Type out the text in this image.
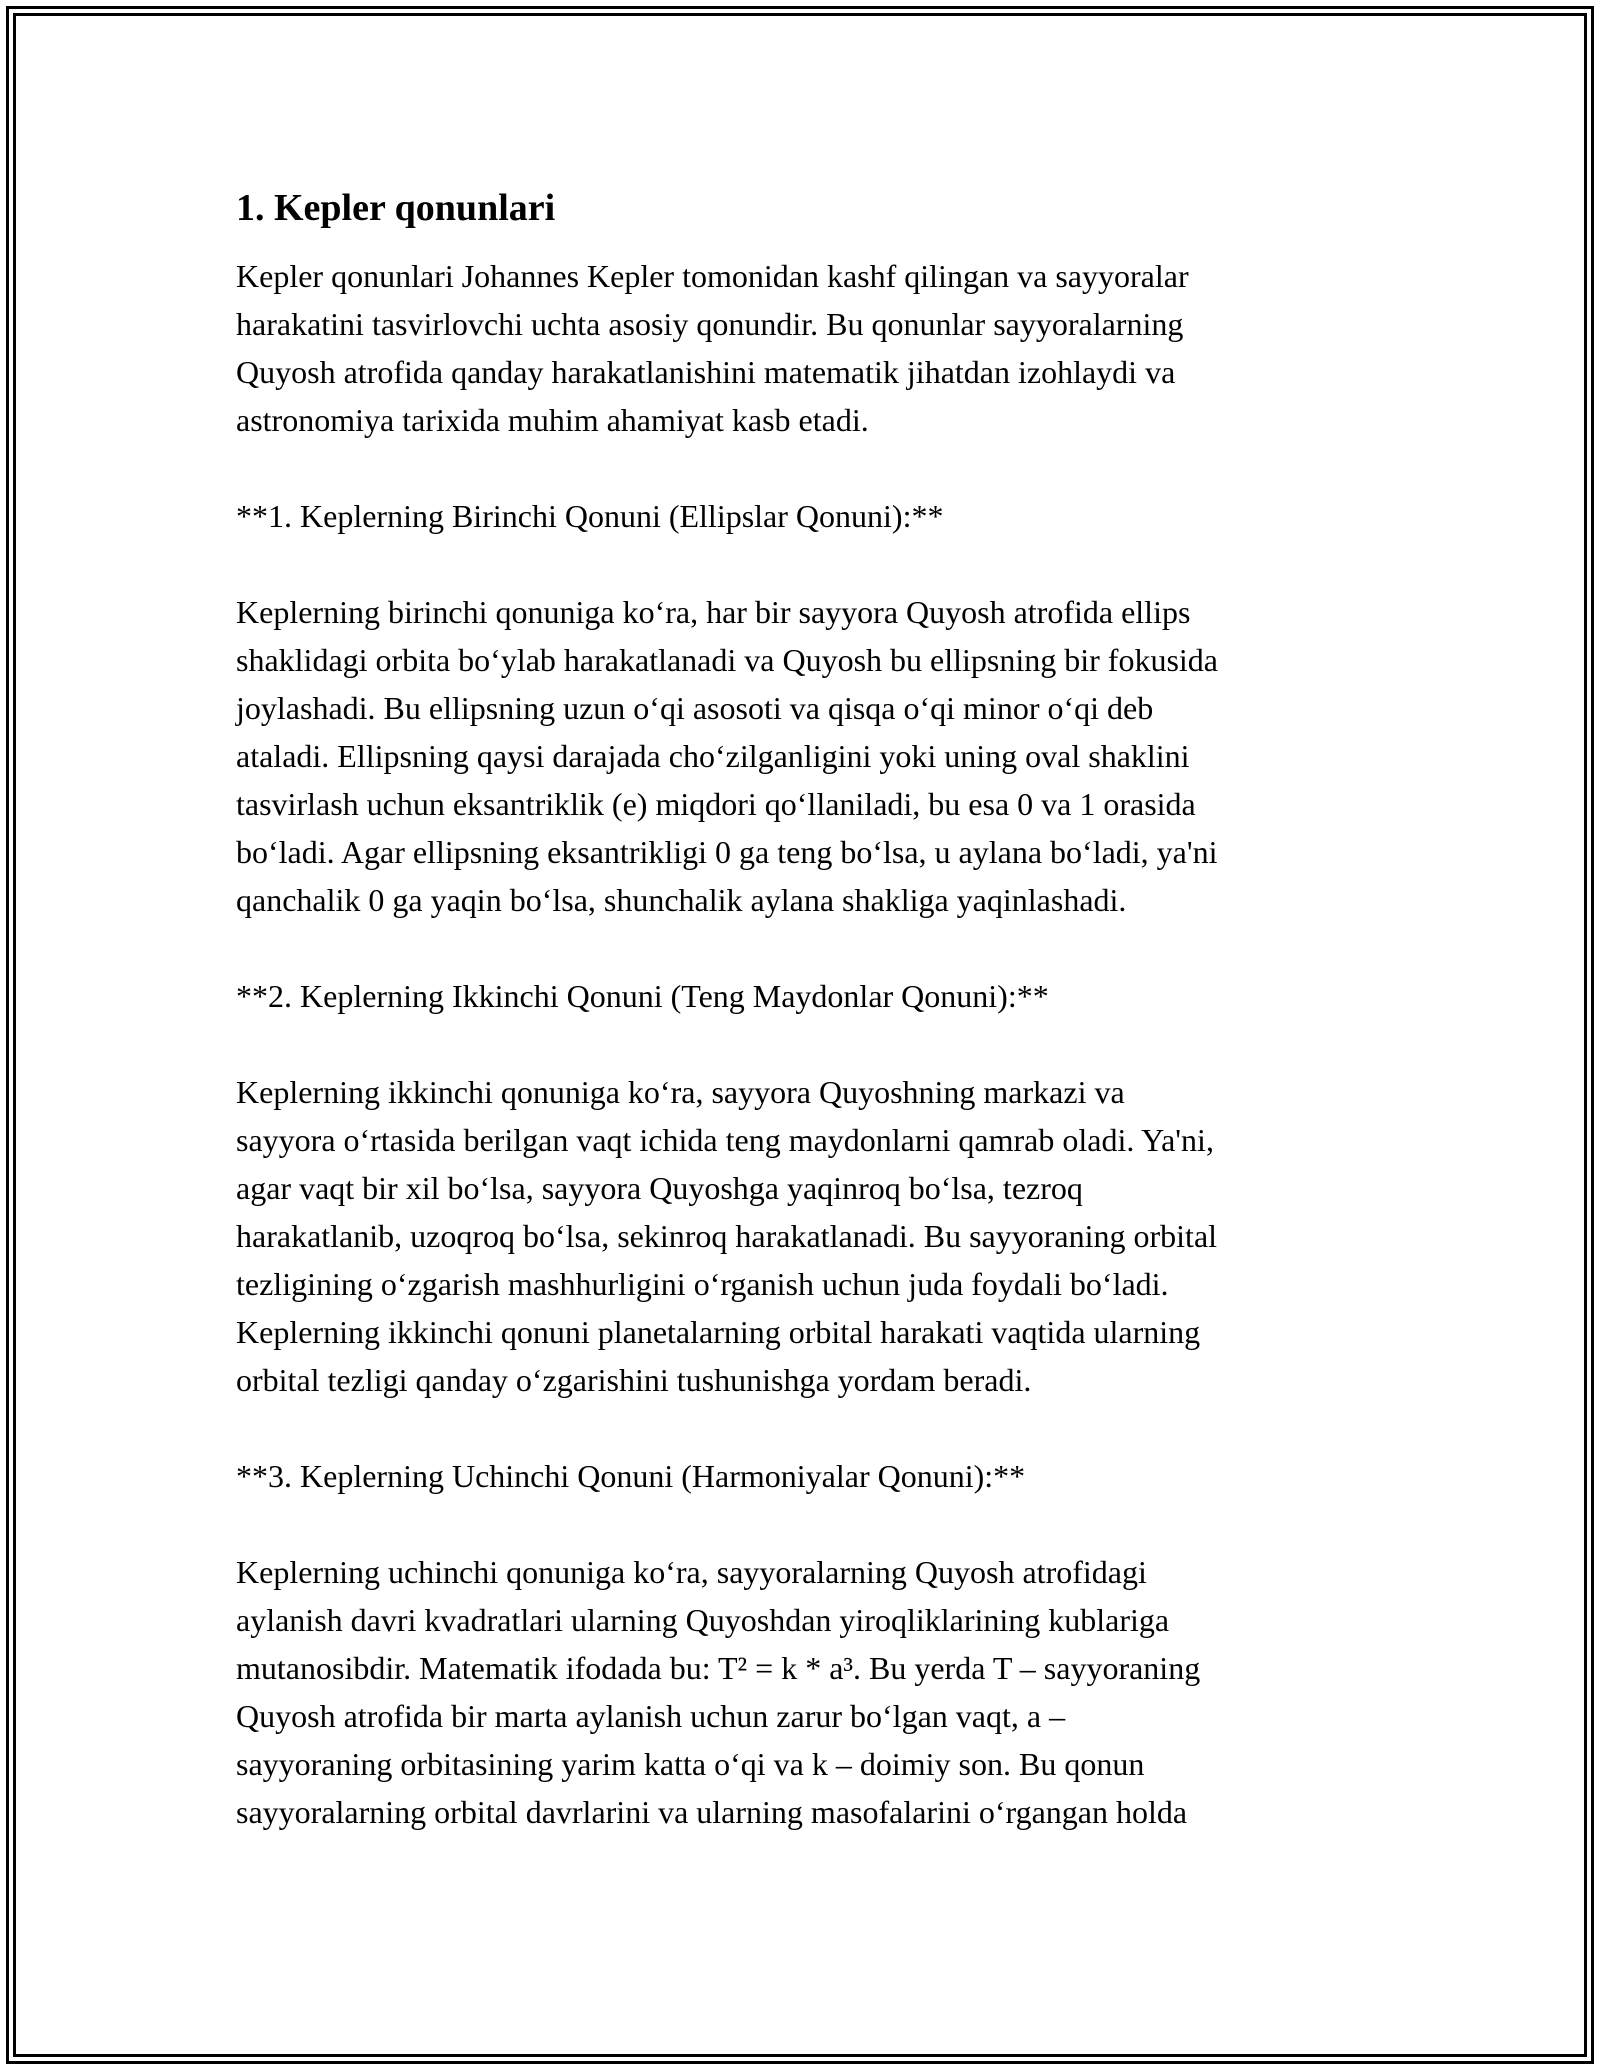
1. Kepler qonunlari
Kepler qonunlari Johannes Kepler tomonidan kashf qilingan va sayyoralar
harakatini tasvirlovchi uchta asosiy qonundir. Bu qonunlar sayyoralarning
Quyosh atrofida qanday harakatlanishini matematik jihatdan izohlaydi va
astronomiya tarixida muhim ahamiyat kasb etadi.
**1. Keplerning Birinchi Qonuni (Ellipslar Qonuni):**
Keplerning birinchi qonuniga ko‘ra, har bir sayyora Quyosh atrofida ellips
shaklidagi orbita bo‘ylab harakatlanadi va Quyosh bu ellipsning bir fokusida
joylashadi. Bu ellipsning uzun o‘qi asosoti va qisqa o‘qi minor o‘qi deb
ataladi. Ellipsning qaysi darajada cho‘zilganligini yoki uning oval shaklini
tasvirlash uchun eksantriklik (e) miqdori qo‘llaniladi, bu esa 0 va 1 orasida
bo‘ladi. Agar ellipsning eksantrikligi 0 ga teng bo‘lsa, u aylana bo‘ladi, ya'ni
qanchalik 0 ga yaqin bo‘lsa, shunchalik aylana shakliga yaqinlashadi.
**2. Keplerning Ikkinchi Qonuni (Teng Maydonlar Qonuni):**
Keplerning ikkinchi qonuniga ko‘ra, sayyora Quyoshning markazi va
sayyora o‘rtasida berilgan vaqt ichida teng maydonlarni qamrab oladi. Ya'ni,
agar vaqt bir xil bo‘lsa, sayyora Quyoshga yaqinroq bo‘lsa, tezroq
harakatlanib, uzoqroq bo‘lsa, sekinroq harakatlanadi. Bu sayyoraning orbital
tezligining o‘zgarish mashhurligini o‘rganish uchun juda foydali bo‘ladi.
Keplerning ikkinchi qonuni planetalarning orbital harakati vaqtida ularning
orbital tezligi qanday o‘zgarishini tushunishga yordam beradi.
**3. Keplerning Uchinchi Qonuni (Harmoniyalar Qonuni):**
Keplerning uchinchi qonuniga ko‘ra, sayyoralarning Quyosh atrofidagi
aylanish davri kvadratlari ularning Quyoshdan yiroqliklarining kublariga
mutanosibdir. Matematik ifodada bu: T² = k * a³. Bu yerda T – sayyoraning
Quyosh atrofida bir marta aylanish uchun zarur bo‘lgan vaqt, a –
sayyoraning orbitasining yarim katta o‘qi va k – doimiy son. Bu qonun
sayyoralarning orbital davrlarini va ularning masofalarini o‘rgangan holda
